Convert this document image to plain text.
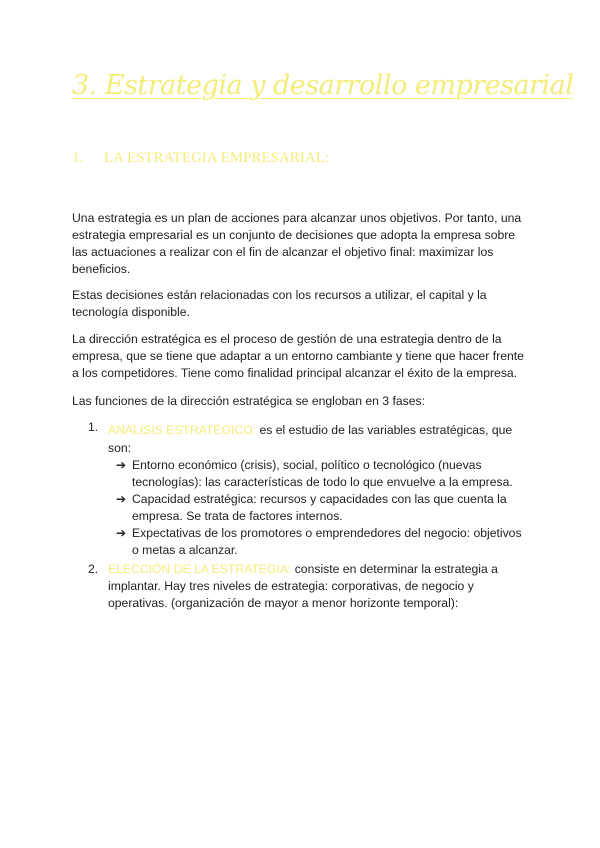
3. Estrategia y desarrollo empresarial
1. LA ESTRATEGIA EMPRESARIAL:
Una estrategia es un plan de acciones para alcanzar unos objetivos. Por tanto, una estrategia empresarial es un conjunto de decisiones que adopta la empresa sobre las actuaciones a realizar con el fin de alcanzar el objetivo final: maximizar los beneficios.
Estas decisiones están relacionadas con los recursos a utilizar, el capital y la tecnología disponible.
La dirección estratégica es el proceso de gestión de una estrategia dentro de la empresa, que se tiene que adaptar a un entorno cambiante y tiene que hacer frente a los competidores. Tiene como finalidad principal alcanzar el éxito de la empresa.
Las funciones de la dirección estratégica se engloban en 3 fases:
1. ANÁLISIS ESTRATÉGICO: es el estudio de las variables estratégicas, que son:
➔ Entorno económico (crisis), social, político o tecnológico (nuevas tecnologías): las características de todo lo que envuelve a la empresa.
➔ Capacidad estratégica: recursos y capacidades con las que cuenta la empresa. Se trata de factores internos.
➔ Expectativas de los promotores o emprendedores del negocio: objetivos o metas a alcanzar.
2. ELECCIÓN DE LA ESTRATEGIA: consiste en determinar la estrategia a implantar. Hay tres niveles de estrategia: corporativas, de negocio y operativas. (organización de mayor a menor horizonte temporal):
